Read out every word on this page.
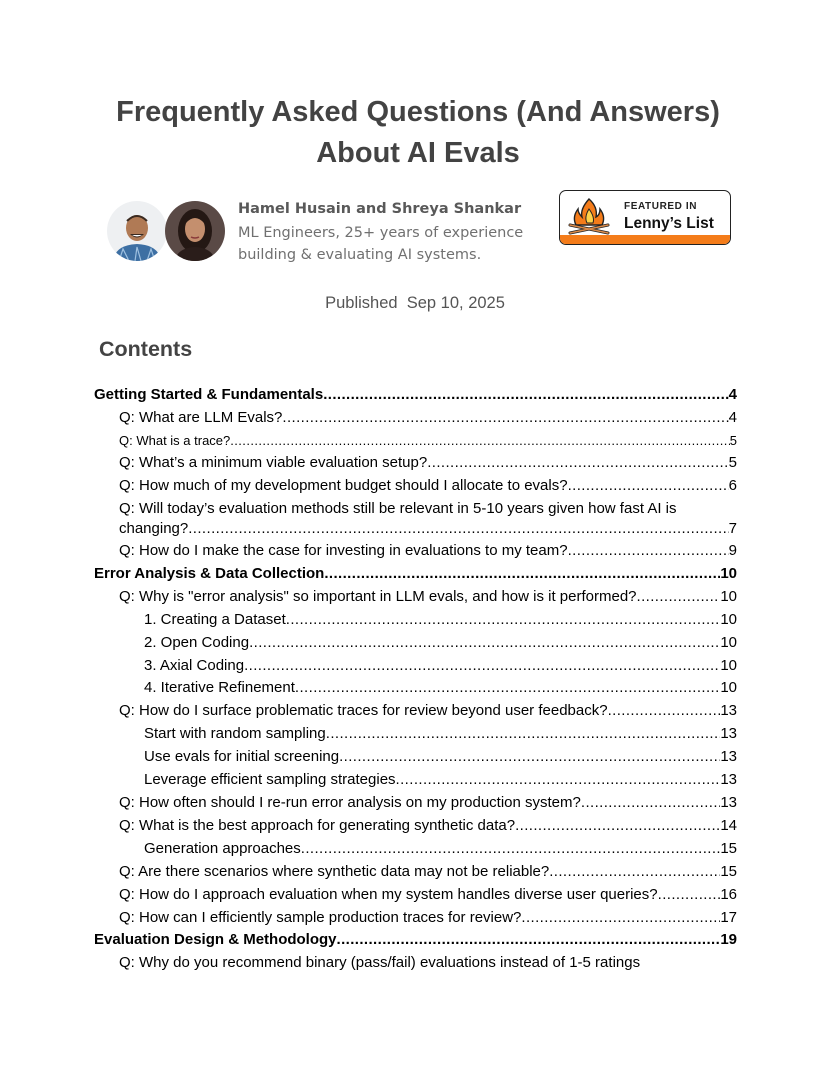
Frequently Asked Questions (And Answers)
About AI Evals
Hamel Husain and Shreya Shankar
ML Engineers, 25+ years of experience
building & evaluating AI systems.
FEATURED IN
Lenny’s List
Published  Sep 10, 2025
Contents
Getting Started & Fundamentals .....	4
Q: What are LLM Evals? .....	4
Q: What is a trace? .....	5
Q: What’s a minimum viable evaluation setup? .....	5
Q: How much of my development budget should I allocate to evals? .....	6
Q: Will today’s evaluation methods still be relevant in 5-10 years given how fast AI is
changing? .....	7
Q: How do I make the case for investing in evaluations to my team? .....	9
Error Analysis & Data Collection .....	10
Q: Why is "error analysis" so important in LLM evals, and how is it performed? .....	10
1. Creating a Dataset .....	10
2. Open Coding .....	10
3. Axial Coding .....	10
4. Iterative Refinement .....	10
Q: How do I surface problematic traces for review beyond user feedback? .....	13
Start with random sampling .....	13
Use evals for initial screening .....	13
Leverage efficient sampling strategies .....	13
Q: How often should I re-run error analysis on my production system? .....	13
Q: What is the best approach for generating synthetic data? .....	14
Generation approaches .....	15
Q: Are there scenarios where synthetic data may not be reliable? .....	15
Q: How do I approach evaluation when my system handles diverse user queries? .....	16
Q: How can I efficiently sample production traces for review? .....	17
Evaluation Design & Methodology .....	19
Q: Why do you recommend binary (pass/fail) evaluations instead of 1-5 ratings
